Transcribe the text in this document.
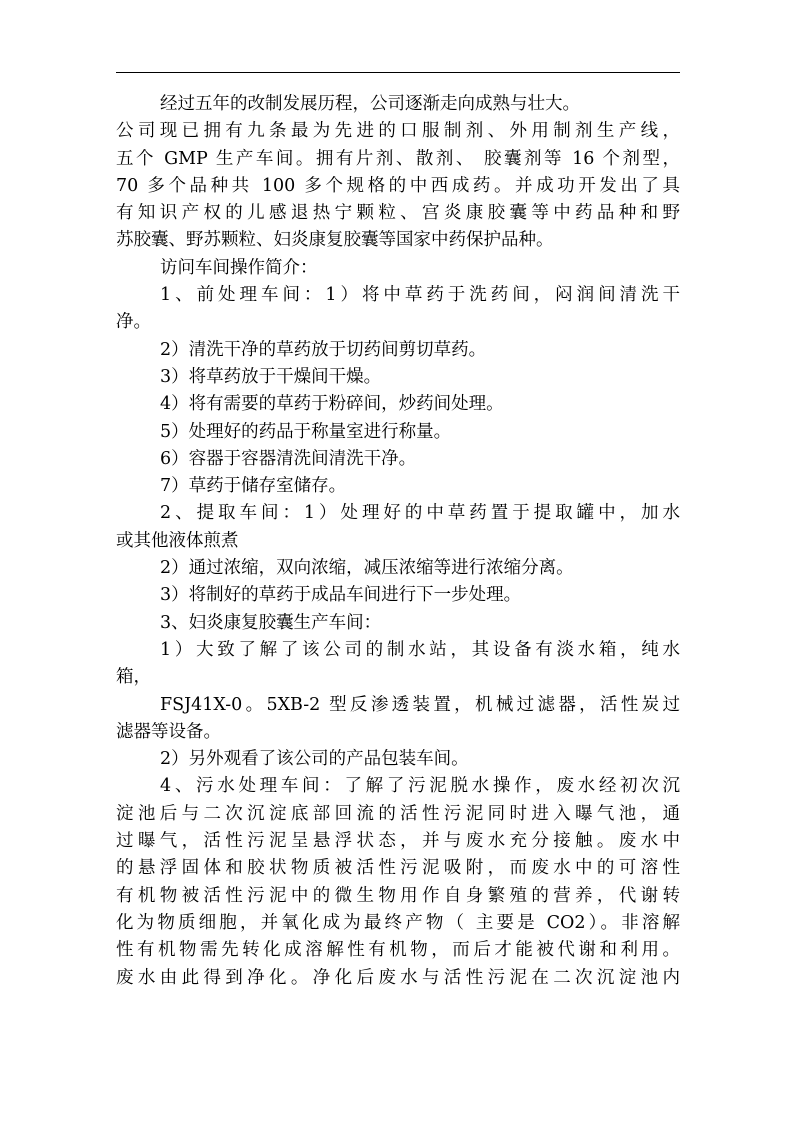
经过五年的改制发展历程，公司逐渐走向成熟与壮大。
公司现已拥有九条最为先进的口服制剂、外用制剂生产线，
五个 GMP 生产车间。拥有片剂、散剂、 胶囊剂等 16 个剂型，
70 多个品种共 100 多个规格的中西成药。并成功开发出了具
有知识产权的儿感退热宁颗粒、宫炎康胶囊等中药品种和野
苏胶囊、野苏颗粒、妇炎康复胶囊等国家中药保护品种。
访问车间操作简介：
1、前处理车间：1）将中草药于洗药间，闷润间清洗干
净。
2）清洗干净的草药放于切药间剪切草药。
3）将草药放于干燥间干燥。
4）将有需要的草药于粉碎间，炒药间处理。
5）处理好的药品于称量室进行称量。
6）容器于容器清洗间清洗干净。
7）草药于储存室储存。
2、提取车间：1）处理好的中草药置于提取罐中，加水
或其他液体煎煮
2）通过浓缩，双向浓缩，减压浓缩等进行浓缩分离。
3）将制好的草药于成品车间进行下一步处理。
3、妇炎康复胶囊生产车间：
1）大致了解了该公司的制水站，其设备有淡水箱，纯水
箱，
FSJ41X-0。5XB-2 型反渗透装置，机械过滤器，活性炭过
滤器等设备。
2）另外观看了该公司的产品包装车间。
4、污水处理车间：了解了污泥脱水操作，废水经初次沉
淀池后与二次沉淀底部回流的活性污泥同时进入曝气池，通
过曝气，活性污泥呈悬浮状态，并与废水充分接触。废水中
的悬浮固体和胶状物质被活性污泥吸附，而废水中的可溶性
有机物被活性污泥中的微生物用作自身繁殖的营养，代谢转
化为物质细胞，并氧化成为最终产物（ 主要是 CO2）。非溶解
性有机物需先转化成溶解性有机物，而后才能被代谢和利用。
废水由此得到净化。净化后废水与活性污泥在二次沉淀池内
